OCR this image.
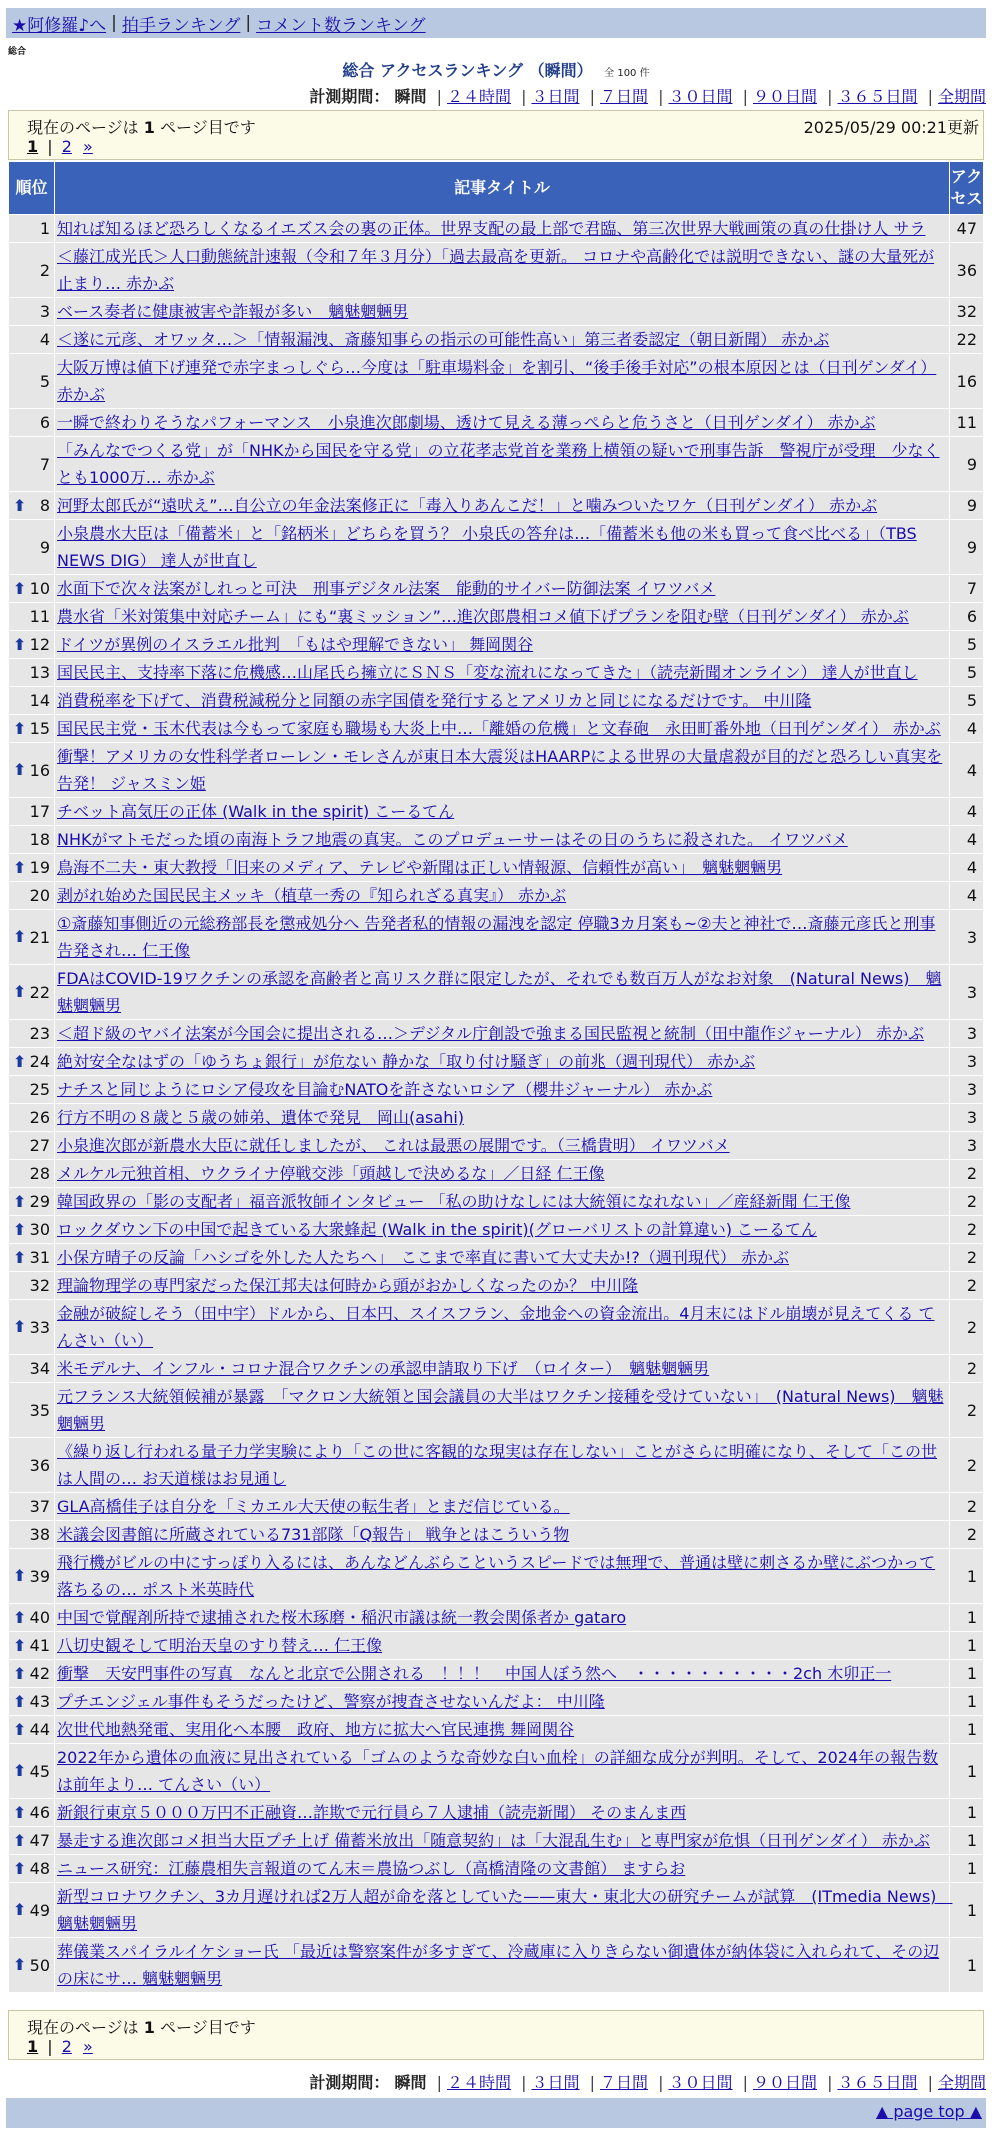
★阿修羅♪へ | 拍手ランキング | コメント数ランキング
総合
総合 アクセスランキング （瞬間） 全 100 件
計測期間： 瞬間 | ２４時間 | ３日間 | ７日間 | ３０日間 | ９０日間 | ３６５日間 | 全期間
現在のページは 1 ページ目です	2025/05/29 00:21更新
1 | 2 »
順位	記事タイトル	アクセス
1	知れば知るほど恐ろしくなるイエズス会の裏の正体。世界支配の最上部で君臨、第三次世界大戦画策の真の仕掛け人 サラ	47
2	＜藤江成光氏＞人口動態統計速報（令和７年３月分）「過去最高を更新。 コロナや高齢化では説明できない、謎の大量死が止まり… 赤かぶ	36
3	ベース奏者に健康被害や詐報が多い　魑魅魍魎男	32
4	＜遂に元彦、オワッタ…＞「情報漏洩、斎藤知事らの指示の可能性高い」第三者委認定（朝日新聞） 赤かぶ	22
5	大阪万博は値下げ連発で赤字まっしぐら…今度は「駐車場料金」を割引、“後手後手対応”の根本原因とは（日刊ゲンダイ） 赤かぶ	16
6	一瞬で終わりそうなパフォーマンス　小泉進次郎劇場、透けて見える薄っぺらと危うさと（日刊ゲンダイ） 赤かぶ	11
7	「みんなでつくる党」が「NHKから国民を守る党」の立花孝志党首を業務上横領の疑いで刑事告訴　警視庁が受理　少なくとも1000万… 赤かぶ	9

⬆ 8	河野太郎氏が“遠吠え”…自公立の年金法案修正に「毒入りあんこだ！」と噛みついたワケ（日刊ゲンダイ） 赤かぶ	9
9	小泉農水大臣は「備蓄米」と「銘柄米」どちらを買う？ 小泉氏の答弁は…「備蓄米も他の米も買って食べ比べる」（TBS NEWS DIG） 達人が世直し	9

⬆ 10	水面下で次々法案がしれっと可決　刑事デジタル法案　能動的サイバー防御法案 イワツバメ	7
11	農水省「米対策集中対応チーム」にも“裏ミッション”…進次郎農相コメ値下げプランを阻む壁（日刊ゲンダイ） 赤かぶ	6

⬆ 12	ドイツが異例のイスラエル批判　「もはや理解できない」 舞岡関谷	5
13	国民民主、支持率下落に危機感…山尾氏ら擁立にＳＮＳ「変な流れになってきた」（読売新聞オンライン） 達人が世直し	5
14	消費税率を下げて、消費税減税分と同額の赤字国債を発行するとアメリカと同じになるだけです。 中川隆	5

⬆ 15	国民民主党・玉木代表は今もって家庭も職場も大炎上中…「離婚の危機」と文春砲　永田町番外地（日刊ゲンダイ） 赤かぶ	4

⬆ 16	衝撃！アメリカの女性科学者ローレン・モレさんが東日本大震災はHAARPによる世界の大量虐殺が目的だと恐ろしい真実を告発！ ジャスミン姫	4
17	チベット高気圧の正体 (Walk in the spirit) こーるてん	4
18	NHKがマトモだった頃の南海トラフ地震の真実。このプロデューサーはその日のうちに殺された。 イワツバメ	4

⬆ 19	鳥海不二夫・東大教授「旧来のメディア、テレビや新聞は正しい情報源、信頼性が高い」　魑魅魍魎男	4
20	剥がれ始めた国民民主メッキ（植草一秀の『知られざる真実』） 赤かぶ	4

⬆ 21	①斎藤知事側近の元総務部長を懲戒処分へ 告発者私的情報の漏洩を認定 停職3カ月案も~②夫と神社で…斎藤元彦氏と刑事告発され… 仁王像	3

⬆ 22	FDAはCOVID-19ワクチンの承認を高齢者と高リスク群に限定したが、それでも数百万人がなお対象　(Natural News)　魑魅魍魎男	3
23	＜超ド級のヤバイ法案が今国会に提出される…＞デジタル庁創設で強まる国民監視と統制（田中龍作ジャーナル） 赤かぶ	3

⬆ 24	絶対安全なはずの「ゆうちょ銀行」が危ない 静かな「取り付け騒ぎ」の前兆（週刊現代） 赤かぶ	3
25	ナチスと同じようにロシア侵攻を目論むNATOを許さないロシア（櫻井ジャーナル） 赤かぶ	3
26	行方不明の８歳と５歳の姉弟、遺体で発見　岡山(asahi)	3
27	小泉進次郎が新農水大臣に就任しましたが、 これは最悪の展開です。（三橋貴明） イワツバメ	3
28	メルケル元独首相、ウクライナ停戦交渉「頭越しで決めるな」／日経 仁王像	2

⬆ 29	韓国政界の「影の支配者」福音派牧師インタビュー 「私の助けなしには大統領になれない」／産経新聞 仁王像	2

⬆ 30	ロックダウン下の中国で起きている大衆蜂起 (Walk in the spirit)(グローバリストの計算違い) こーるてん	2

⬆ 31	小保方晴子の反論「ハシゴを外した人たちへ」　ここまで率直に書いて大丈夫か!?（週刊現代） 赤かぶ	2
32	理論物理学の専門家だった保江邦夫は何時から頭がおかしくなったのか？ 中川隆	2

⬆ 33	金融が破綻しそう（田中宇）ドルから、日本円、スイスフラン、金地金への資金流出。4月末にはドル崩壊が見えてくる てんさい（い）	2
34	米モデルナ、インフル・コロナ混合ワクチンの承認申請取り下げ　（ロイター）　魑魅魍魎男	2
35	元フランス大統領候補が暴露　「マクロン大統領と国会議員の大半はワクチン接種を受けていない」　(Natural News)　魑魅魍魎男	2
36	《繰り返し行われる量子力学実験により「この世に客観的な現実は存在しない」ことがさらに明確になり、そして「この世は人間の… お天道様はお見通し	2
37	GLA高橋佳子は自分を「ミカエル大天使の転生者」とまだ信じている。	2
38	米議会図書館に所蔵されている731部隊「Q報告」 戦争とはこういう物	2

⬆ 39	飛行機がビルの中にすっぽり入るには、あんなどんぶらこというスピードでは無理で、普通は壁に刺さるか壁にぶつかって落ちるの… ポスト米英時代	1

⬆ 40	中国で覚醒剤所持で逮捕された桜木琢磨・稲沢市議は統一教会関係者か gataro	1

⬆ 41	八切史観そして明治天皇のすり替え… 仁王像	1

⬆ 42	衝撃　天安門事件の写真　なんと北京で公開される　！！！　中国人ぼう然へ　・・・・・・・・・・2ch 木卯正一	1

⬆ 43	プチエンジェル事件もそうだったけど、警察が捜査させないんだよ： 中川隆	1

⬆ 44	次世代地熱発電、実用化へ本腰　政府、地方に拡大へ官民連携 舞岡関谷	1

⬆ 45	2022年から遺体の血液に見出されている「ゴムのような奇妙な白い血栓」の詳細な成分が判明。そして、2024年の報告数は前年より… てんさい（い）	1

⬆ 46	新銀行東京５０００万円不正融資…詐欺で元行員ら７人逮捕（読売新聞） そのまんま西	1

⬆ 47	暴走する進次郎コメ担当大臣プチ上げ 備蓄米放出「随意契約」は「大混乱生む」と専門家が危惧（日刊ゲンダイ） 赤かぶ	1

⬆ 48	ニュース研究：江藤農相失言報道のてん末＝農協つぶし（高橋清隆の文書館） ますらお	1

⬆ 49	新型コロナワクチン、3カ月遅ければ2万人超が命を落としていた——東大・東北大の研究チームが試算　(ITmedia News)　魑魅魍魎男	1

⬆ 50	葬儀業スパイラルイケショー氏 「最近は警察案件が多すぎて、冷蔵庫に入りきらない御遺体が納体袋に入れられて、その辺の床にサ… 魑魅魍魎男	1
現在のページは 1 ページ目です
1 | 2 »
計測期間： 瞬間 | ２４時間 | ３日間 | ７日間 | ３０日間 | ９０日間 | ３６５日間 | 全期間
▲ page top ▲
